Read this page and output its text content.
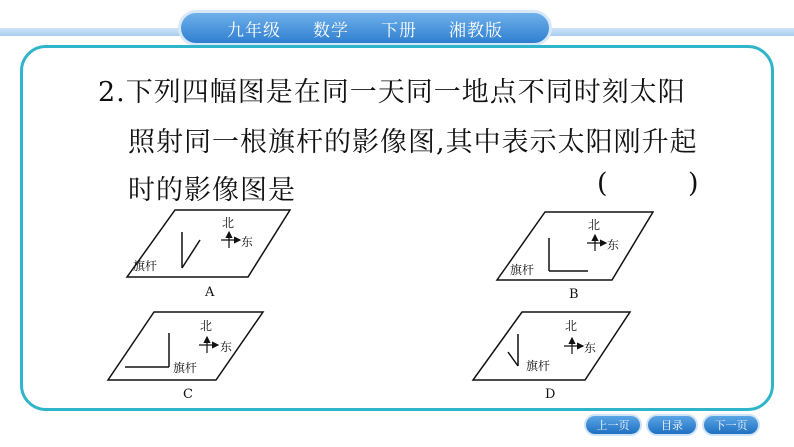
九年级 数学 下册 湘教版
2.下列四幅图是在同一天同一地点不同时刻太阳
照射同一根旗杆的影像图,其中表示太阳刚升起
时的影像图是	(	)
北
东
旗杆
A
北
东
旗杆
B
北
东
旗杆
C
北
东
旗杆
D
上一页	目录	下一页
